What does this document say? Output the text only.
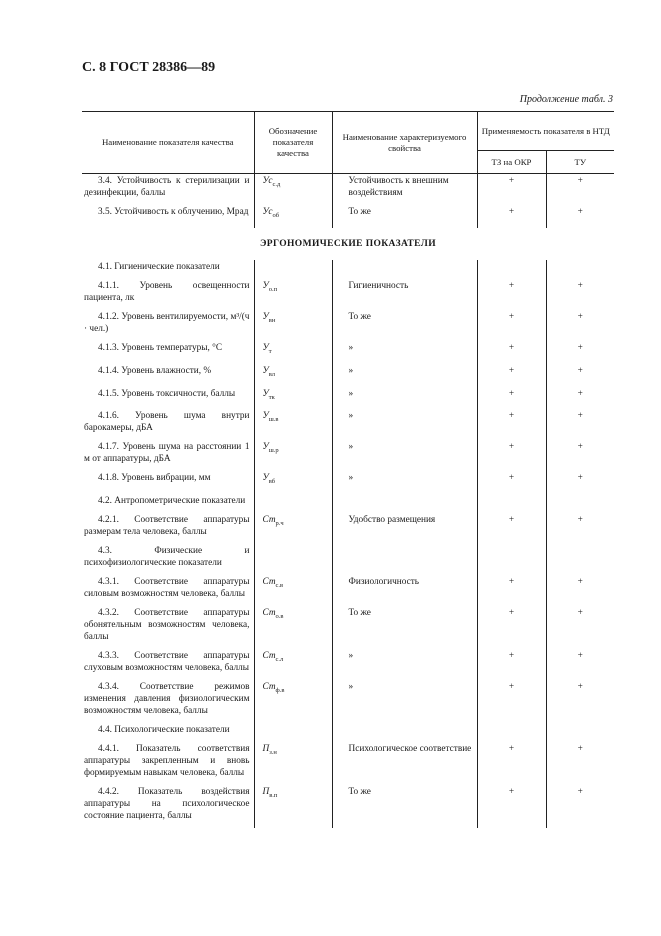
С. 8 ГОСТ 28386—89
Продолжение табл. 3
Наименование показателя качества	Обозначение показателя качества	Наименование характеризуемого свойства	Применяемость показателя в НТД	
			ТЗ на ОКР	ТУ
3.4. Устойчивость к стерилизации и дезинфекции, баллы	$Ус_{с.д}$	Устойчивость к внешним воздействиям	+	+

3.5. Устойчивость к облучению, Мрад	$Ус_{об}$	То же	+	+

ЭРГОНОМИЧЕСКИЕ ПОКАЗАТЕЛИ				
4.1. Гигиенические показатели				

4.1.1. Уровень освещенности пациента, лк	$У_{о.п}$	Гигиеничность	+	+

4.1.2. Уровень вентилируемости, м³/(ч · чел.)	$У_{вн}$	То же	+	+

4.1.3. Уровень температуры, °С	$У_т$	»	+	+

4.1.4. Уровень влажности, %	$У_{вл}$	»	+	+

4.1.5. Уровень токсичности, баллы	$У_{тк}$	»	+	+

4.1.6. Уровень шума внутри барокамеры, дБА	$У_{ш.в}$	»	+	+

4.1.7. Уровень шума на расстоянии 1 м от аппаратуры, дБА	$У_{ш.р}$	»	+	+

4.1.8. Уровень вибрации, мм	$У_{вб}$	»	+	+

4.2. Антропометрические показатели				

4.2.1. Соответствие аппаратуры размерам тела человека, баллы	$Ст_{р.ч}$	Удобство размещения	+	+

4.3. Физические и психофизиологические показатели				

4.3.1. Соответствие аппаратуры силовым возможностям человека, баллы	$Ст_{с.в}$	Физиологичность	+	+

4.3.2. Соответствие аппаратуры обонятельным возможностям человека, баллы	$Ст_{о.в}$	То же	+	+

4.3.3. Соответствие аппаратуры слуховым возможностям человека, баллы	$Ст_{с.л}$	»	+	+

4.3.4. Соответствие режимов изменения давления физиологическим возможностям человека, баллы	$Ст_{ф.в}$	»	+	+

4.4. Психологические показатели				

4.4.1. Показатель соответствия аппаратуры закрепленным и вновь формируемым навыкам человека, баллы	$П_{з.н}$	Психологическое соответствие	+	+

4.4.2. Показатель воздействия аппаратуры на психологическое состояние пациента, баллы	$П_{в.п}$	То же	+	+
